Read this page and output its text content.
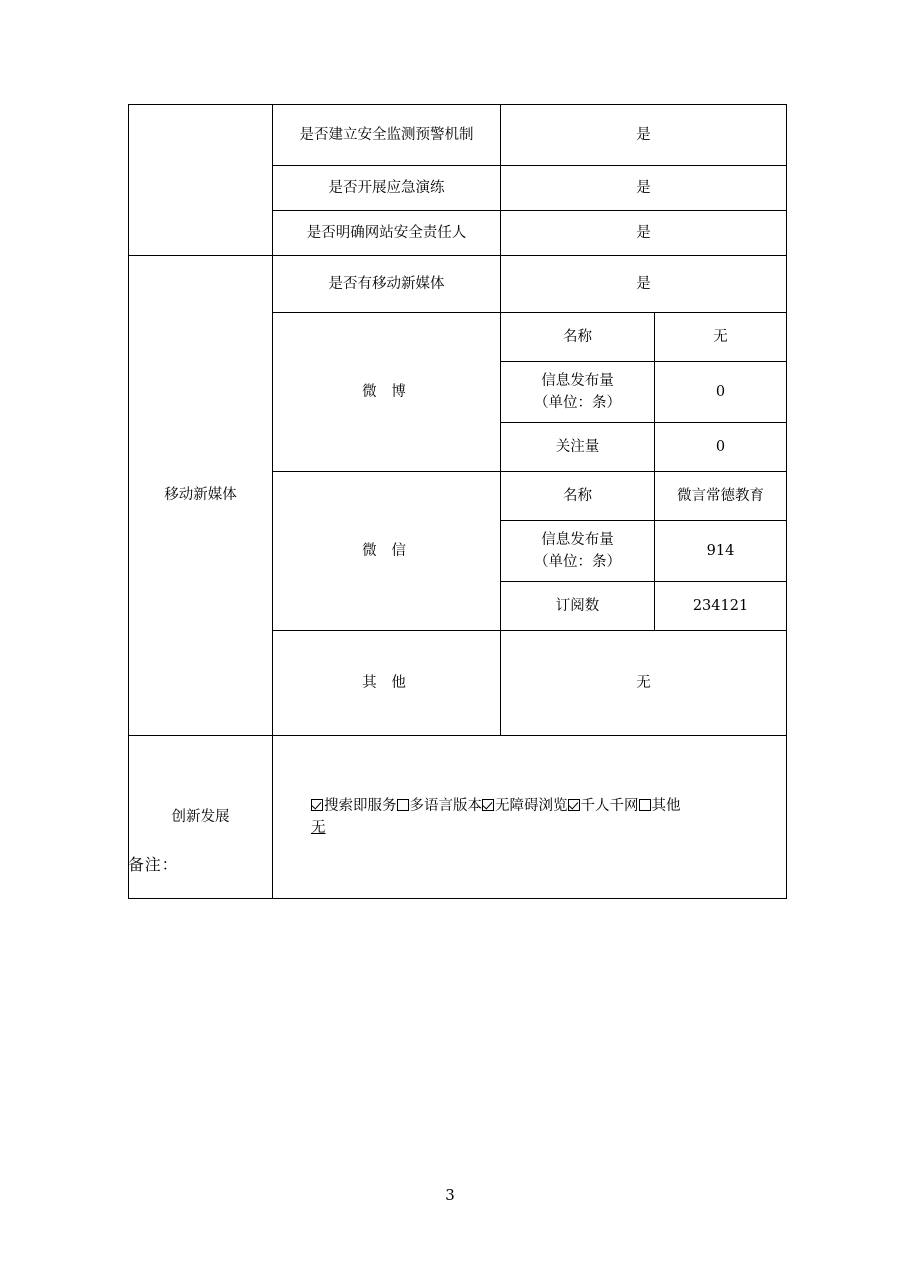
	是否建立安全监测预警机制	是	
	是否开展应急演练	是	
	是否明确网站安全责任人	是	
移动新媒体	是否有移动新媒体	是	
	微 博	名称	无

		信息发布量
（单位：条）	0
		关注量	0
	微 信	名称	微言常德教育

		信息发布量
（单位：条）	914
		订阅数	234121
	其 他	无	
创新发展	搜索即服务 多语言版本 无障碍浏览 千人千网 其他
无		
备注：
3
